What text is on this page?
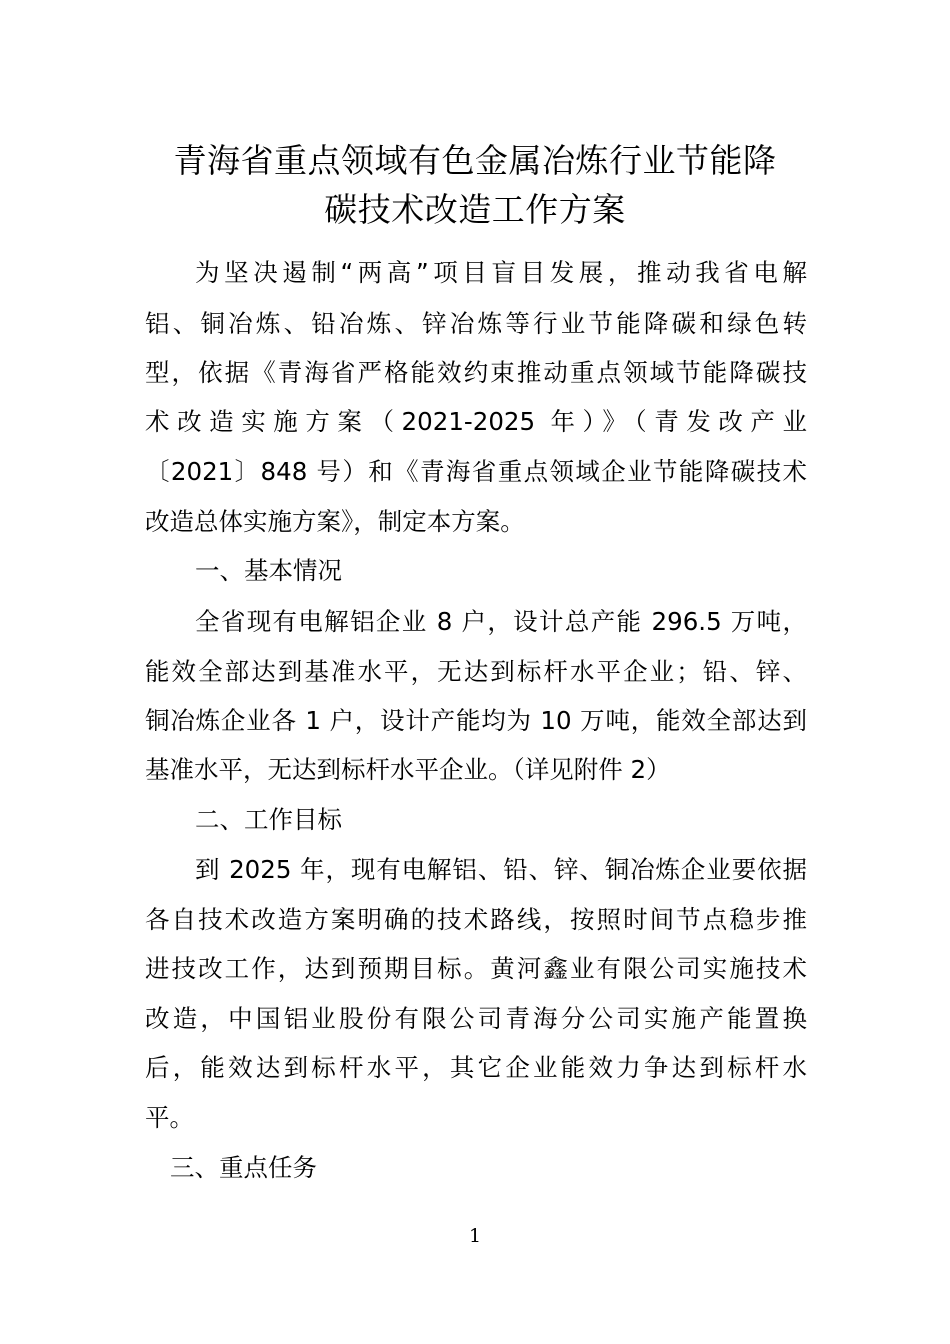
青海省重点领域有色金属冶炼行业节能降
碳技术改造工作方案
为坚决遏制“两高”项目盲目发展，推动我省电解
铝、铜冶炼、铅冶炼、锌冶炼等行业节能降碳和绿色转
型，依据《青海省严格能效约束推动重点领域节能降碳技
术改造实施方案（2021-2025 年）》（青发改产业
〔2021〕848 号）和《青海省重点领域企业节能降碳技术
改造总体实施方案》，制定本方案。
一、基本情况
全省现有电解铝企业 8 户，设计总产能 296.5 万吨，
能效全部达到基准水平，无达到标杆水平企业；铅、锌、
铜冶炼企业各 1 户，设计产能均为 10 万吨，能效全部达到
基准水平，无达到标杆水平企业。（详见附件 2）
二、工作目标
到 2025 年，现有电解铝、铅、锌、铜冶炼企业要依据
各自技术改造方案明确的技术路线，按照时间节点稳步推
进技改工作，达到预期目标。黄河鑫业有限公司实施技术
改造，中国铝业股份有限公司青海分公司实施产能置换
后，能效达到标杆水平，其它企业能效力争达到标杆水
平。
三、重点任务
1
